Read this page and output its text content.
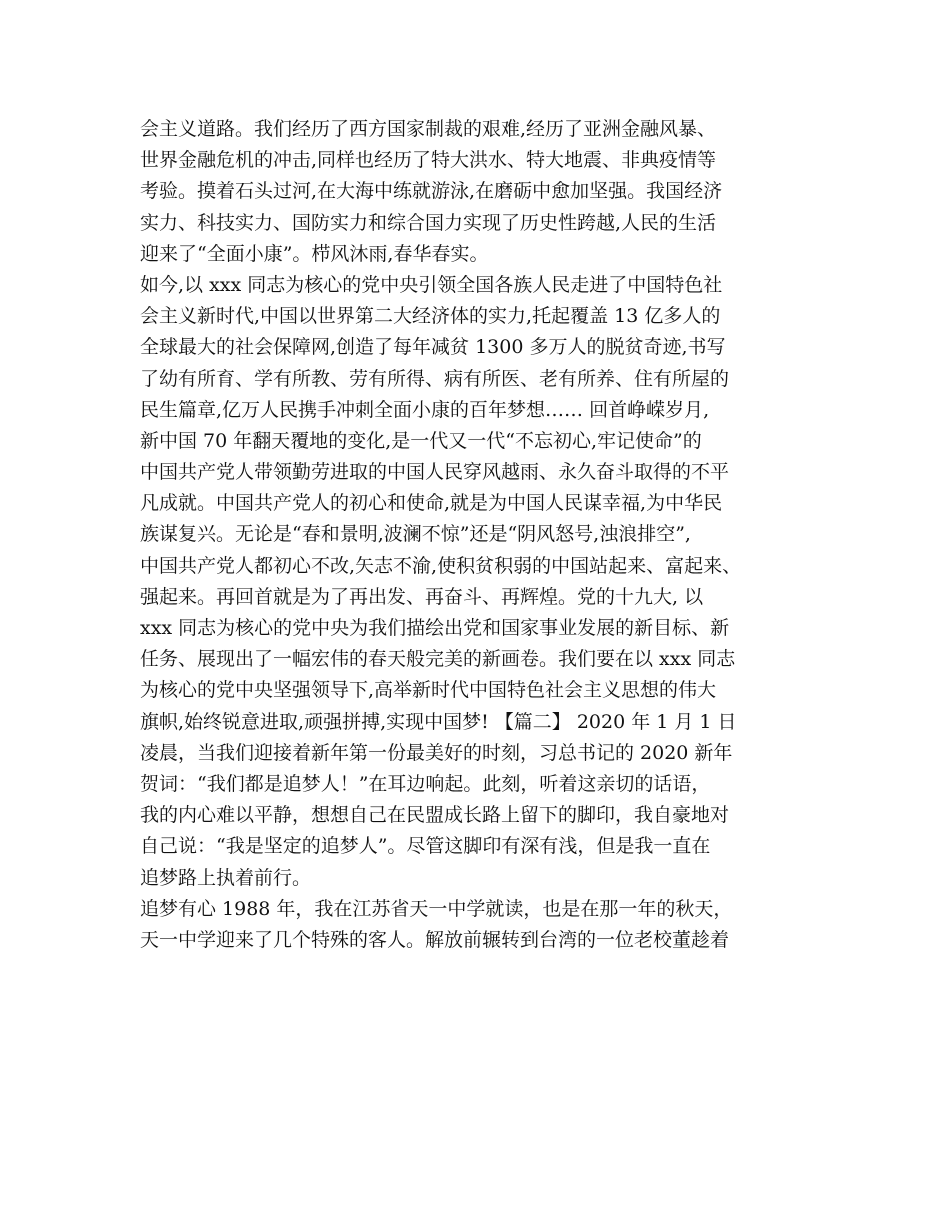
会主义道路。我们经历了西方国家制裁的艰难,经历了亚洲金融风暴、
世界金融危机的冲击,同样也经历了特大洪水、特大地震、非典疫情等
考验。摸着石头过河,在大海中练就游泳,在磨砺中愈加坚强。我国经济
实力、科技实力、国防实力和综合国力实现了历史性跨越,人民的生活
迎来了“全面小康”。栉风沐雨,春华春实。
如今,以 xxx 同志为核心的党中央引领全国各族人民走进了中国特色社
会主义新时代,中国以世界第二大经济体的实力,托起覆盖 13 亿多人的
全球最大的社会保障网,创造了每年减贫 1300 多万人的脱贫奇迹,书写
了幼有所育、学有所教、劳有所得、病有所医、老有所养、住有所屋的
民生篇章,亿万人民携手冲刺全面小康的百年梦想…… 回首峥嵘岁月,
新中国 70 年翻天覆地的变化,是一代又一代“不忘初心,牢记使命”的
中国共产党人带领勤劳进取的中国人民穿风越雨、永久奋斗取得的不平
凡成就。中国共产党人的初心和使命,就是为中国人民谋幸福,为中华民
族谋复兴。无论是“春和景明,波澜不惊”还是“阴风怒号,浊浪排空”,
中国共产党人都初心不改,矢志不渝,使积贫积弱的中国站起来、富起来、
强起来。再回首就是为了再出发、再奋斗、再辉煌。党的十九大, 以
xxx 同志为核心的党中央为我们描绘出党和国家事业发展的新目标、新
任务、展现出了一幅宏伟的春天般完美的新画卷。我们要在以 xxx 同志
为核心的党中央坚强领导下,高举新时代中国特色社会主义思想的伟大
旗帜,始终锐意进取,顽强拼搏,实现中国梦! 【篇二】 2020 年 1 月 1 日
凌晨，当我们迎接着新年第一份最美好的时刻，习总书记的 2020 新年
贺词：“我们都是追梦人！”在耳边响起。此刻，听着这亲切的话语，
我的内心难以平静，想想自己在民盟成长路上留下的脚印，我自豪地对
自己说：“我是坚定的追梦人”。尽管这脚印有深有浅，但是我一直在
追梦路上执着前行。
追梦有心 1988 年，我在江苏省天一中学就读，也是在那一年的秋天，
天一中学迎来了几个特殊的客人。解放前辗转到台湾的一位老校董趁着
